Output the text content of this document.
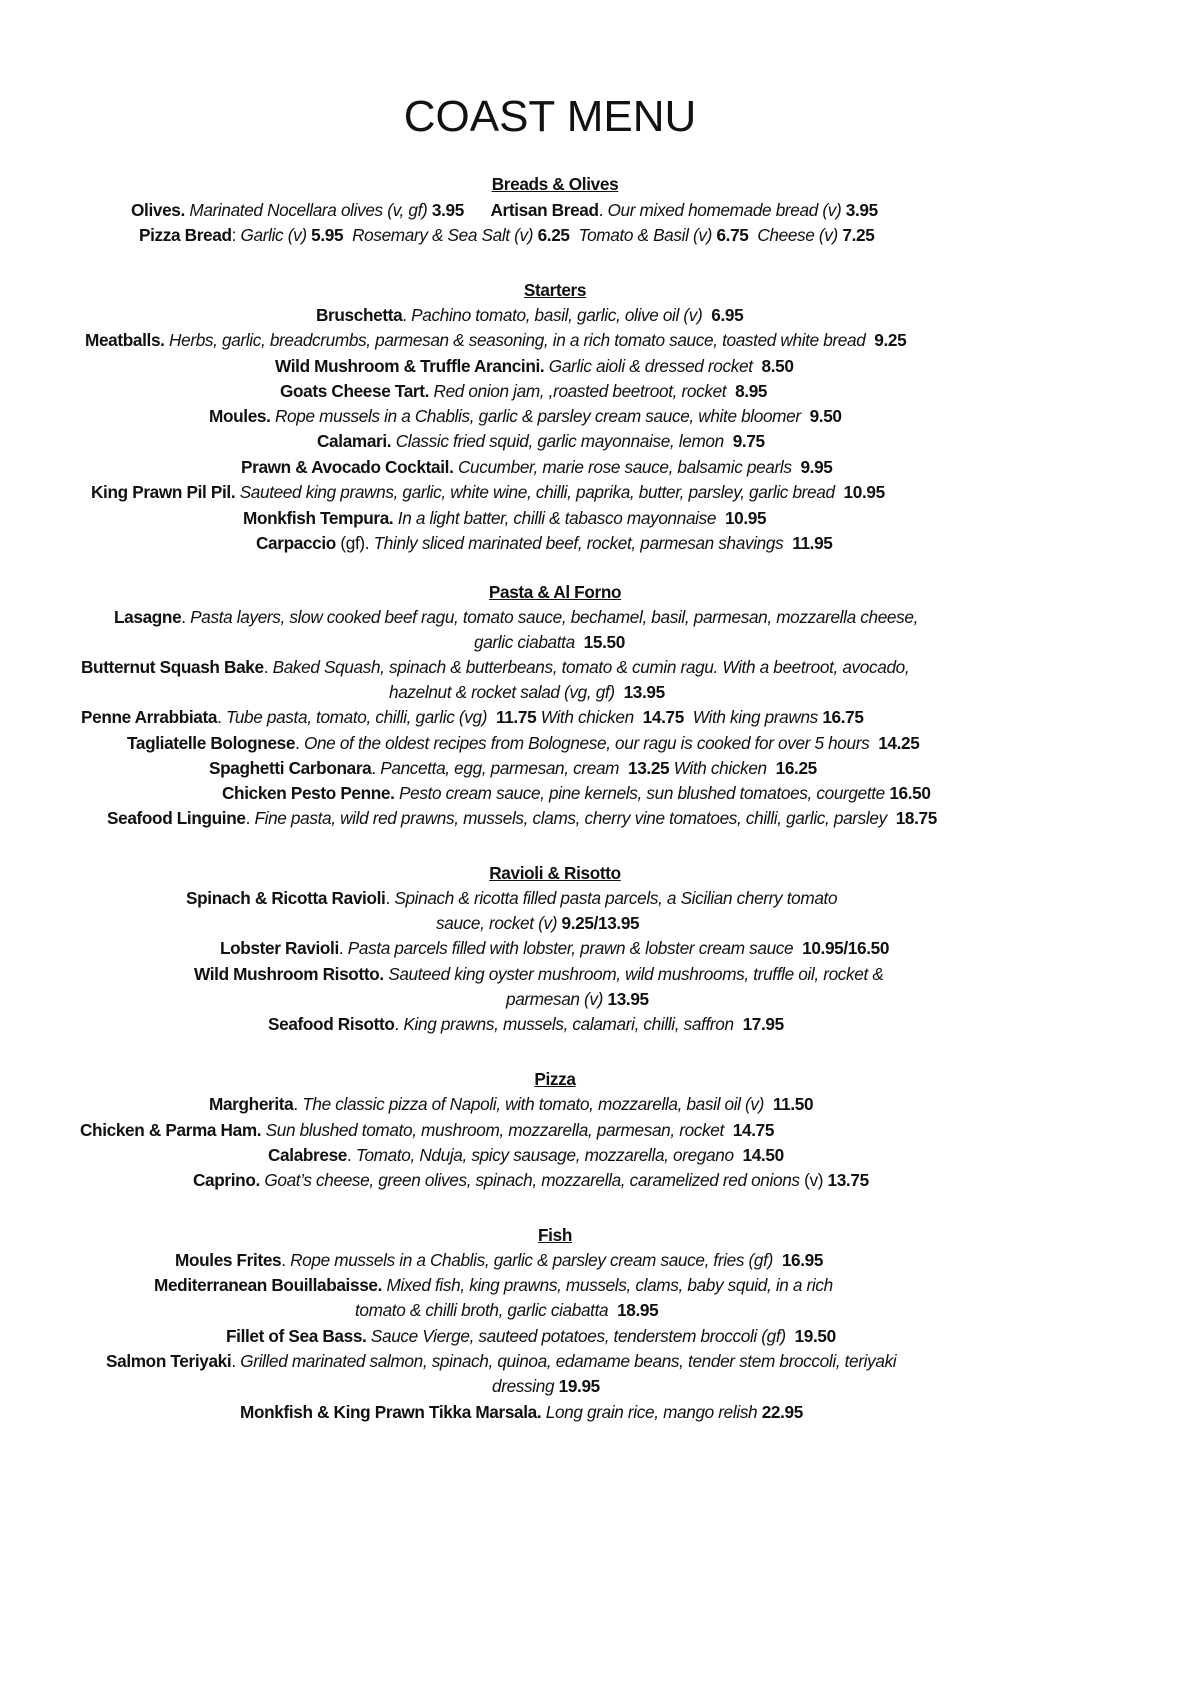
COAST MENU
Breads & Olives
Olives. Marinated Nocellara olives (v, gf) 3.95 Artisan Bread. Our mixed homemade bread (v) 3.95
Pizza Bread: Garlic (v) 5.95 Rosemary & Sea Salt (v) 6.25 Tomato & Basil (v) 6.75 Cheese (v) 7.25
Starters
Bruschetta. Pachino tomato, basil, garlic, olive oil (v) 6.95
Meatballs. Herbs, garlic, breadcrumbs, parmesan & seasoning, in a rich tomato sauce, toasted white bread 9.25
Wild Mushroom & Truffle Arancini. Garlic aioli & dressed rocket 8.50
Goats Cheese Tart. Red onion jam, ,roasted beetroot, rocket 8.95
Moules. Rope mussels in a Chablis, garlic & parsley cream sauce, white bloomer 9.50
Calamari. Classic fried squid, garlic mayonnaise, lemon 9.75
Prawn & Avocado Cocktail. Cucumber, marie rose sauce, balsamic pearls 9.95
King Prawn Pil Pil. Sauteed king prawns, garlic, white wine, chilli, paprika, butter, parsley, garlic bread 10.95
Monkfish Tempura. In a light batter, chilli & tabasco mayonnaise 10.95
Carpaccio (gf). Thinly sliced marinated beef, rocket, parmesan shavings 11.95
Pasta & Al Forno
Lasagne. Pasta layers, slow cooked beef ragu, tomato sauce, bechamel, basil, parmesan, mozzarella cheese,
garlic ciabatta 15.50
Butternut Squash Bake. Baked Squash, spinach & butterbeans, tomato & cumin ragu. With a beetroot, avocado,
hazelnut & rocket salad (vg, gf) 13.95
Penne Arrabbiata. Tube pasta, tomato, chilli, garlic (vg) 11.75 With chicken 14.75 With king prawns 16.75
Tagliatelle Bolognese. One of the oldest recipes from Bolognese, our ragu is cooked for over 5 hours 14.25
Spaghetti Carbonara. Pancetta, egg, parmesan, cream 13.25 With chicken 16.25
Chicken Pesto Penne. Pesto cream sauce, pine kernels, sun blushed tomatoes, courgette 16.50
Seafood Linguine. Fine pasta, wild red prawns, mussels, clams, cherry vine tomatoes, chilli, garlic, parsley 18.75
Ravioli & Risotto
Spinach & Ricotta Ravioli. Spinach & ricotta filled pasta parcels, a Sicilian cherry tomato
sauce, rocket (v) 9.25/13.95
Lobster Ravioli. Pasta parcels filled with lobster, prawn & lobster cream sauce 10.95/16.50
Wild Mushroom Risotto. Sauteed king oyster mushroom, wild mushrooms, truffle oil, rocket &
parmesan (v) 13.95
Seafood Risotto. King prawns, mussels, calamari, chilli, saffron 17.95
Pizza
Margherita. The classic pizza of Napoli, with tomato, mozzarella, basil oil (v) 11.50
Chicken & Parma Ham. Sun blushed tomato, mushroom, mozzarella, parmesan, rocket 14.75
Calabrese. Tomato, Nduja, spicy sausage, mozzarella, oregano 14.50
Caprino. Goat’s cheese, green olives, spinach, mozzarella, caramelized red onions (v) 13.75
Fish
Moules Frites. Rope mussels in a Chablis, garlic & parsley cream sauce, fries (gf) 16.95
Mediterranean Bouillabaisse. Mixed fish, king prawns, mussels, clams, baby squid, in a rich
tomato & chilli broth, garlic ciabatta 18.95
Fillet of Sea Bass. Sauce Vierge, sauteed potatoes, tenderstem broccoli (gf) 19.50
Salmon Teriyaki. Grilled marinated salmon, spinach, quinoa, edamame beans, tender stem broccoli, teriyaki
dressing 19.95
Monkfish & King Prawn Tikka Marsala. Long grain rice, mango relish 22.95
